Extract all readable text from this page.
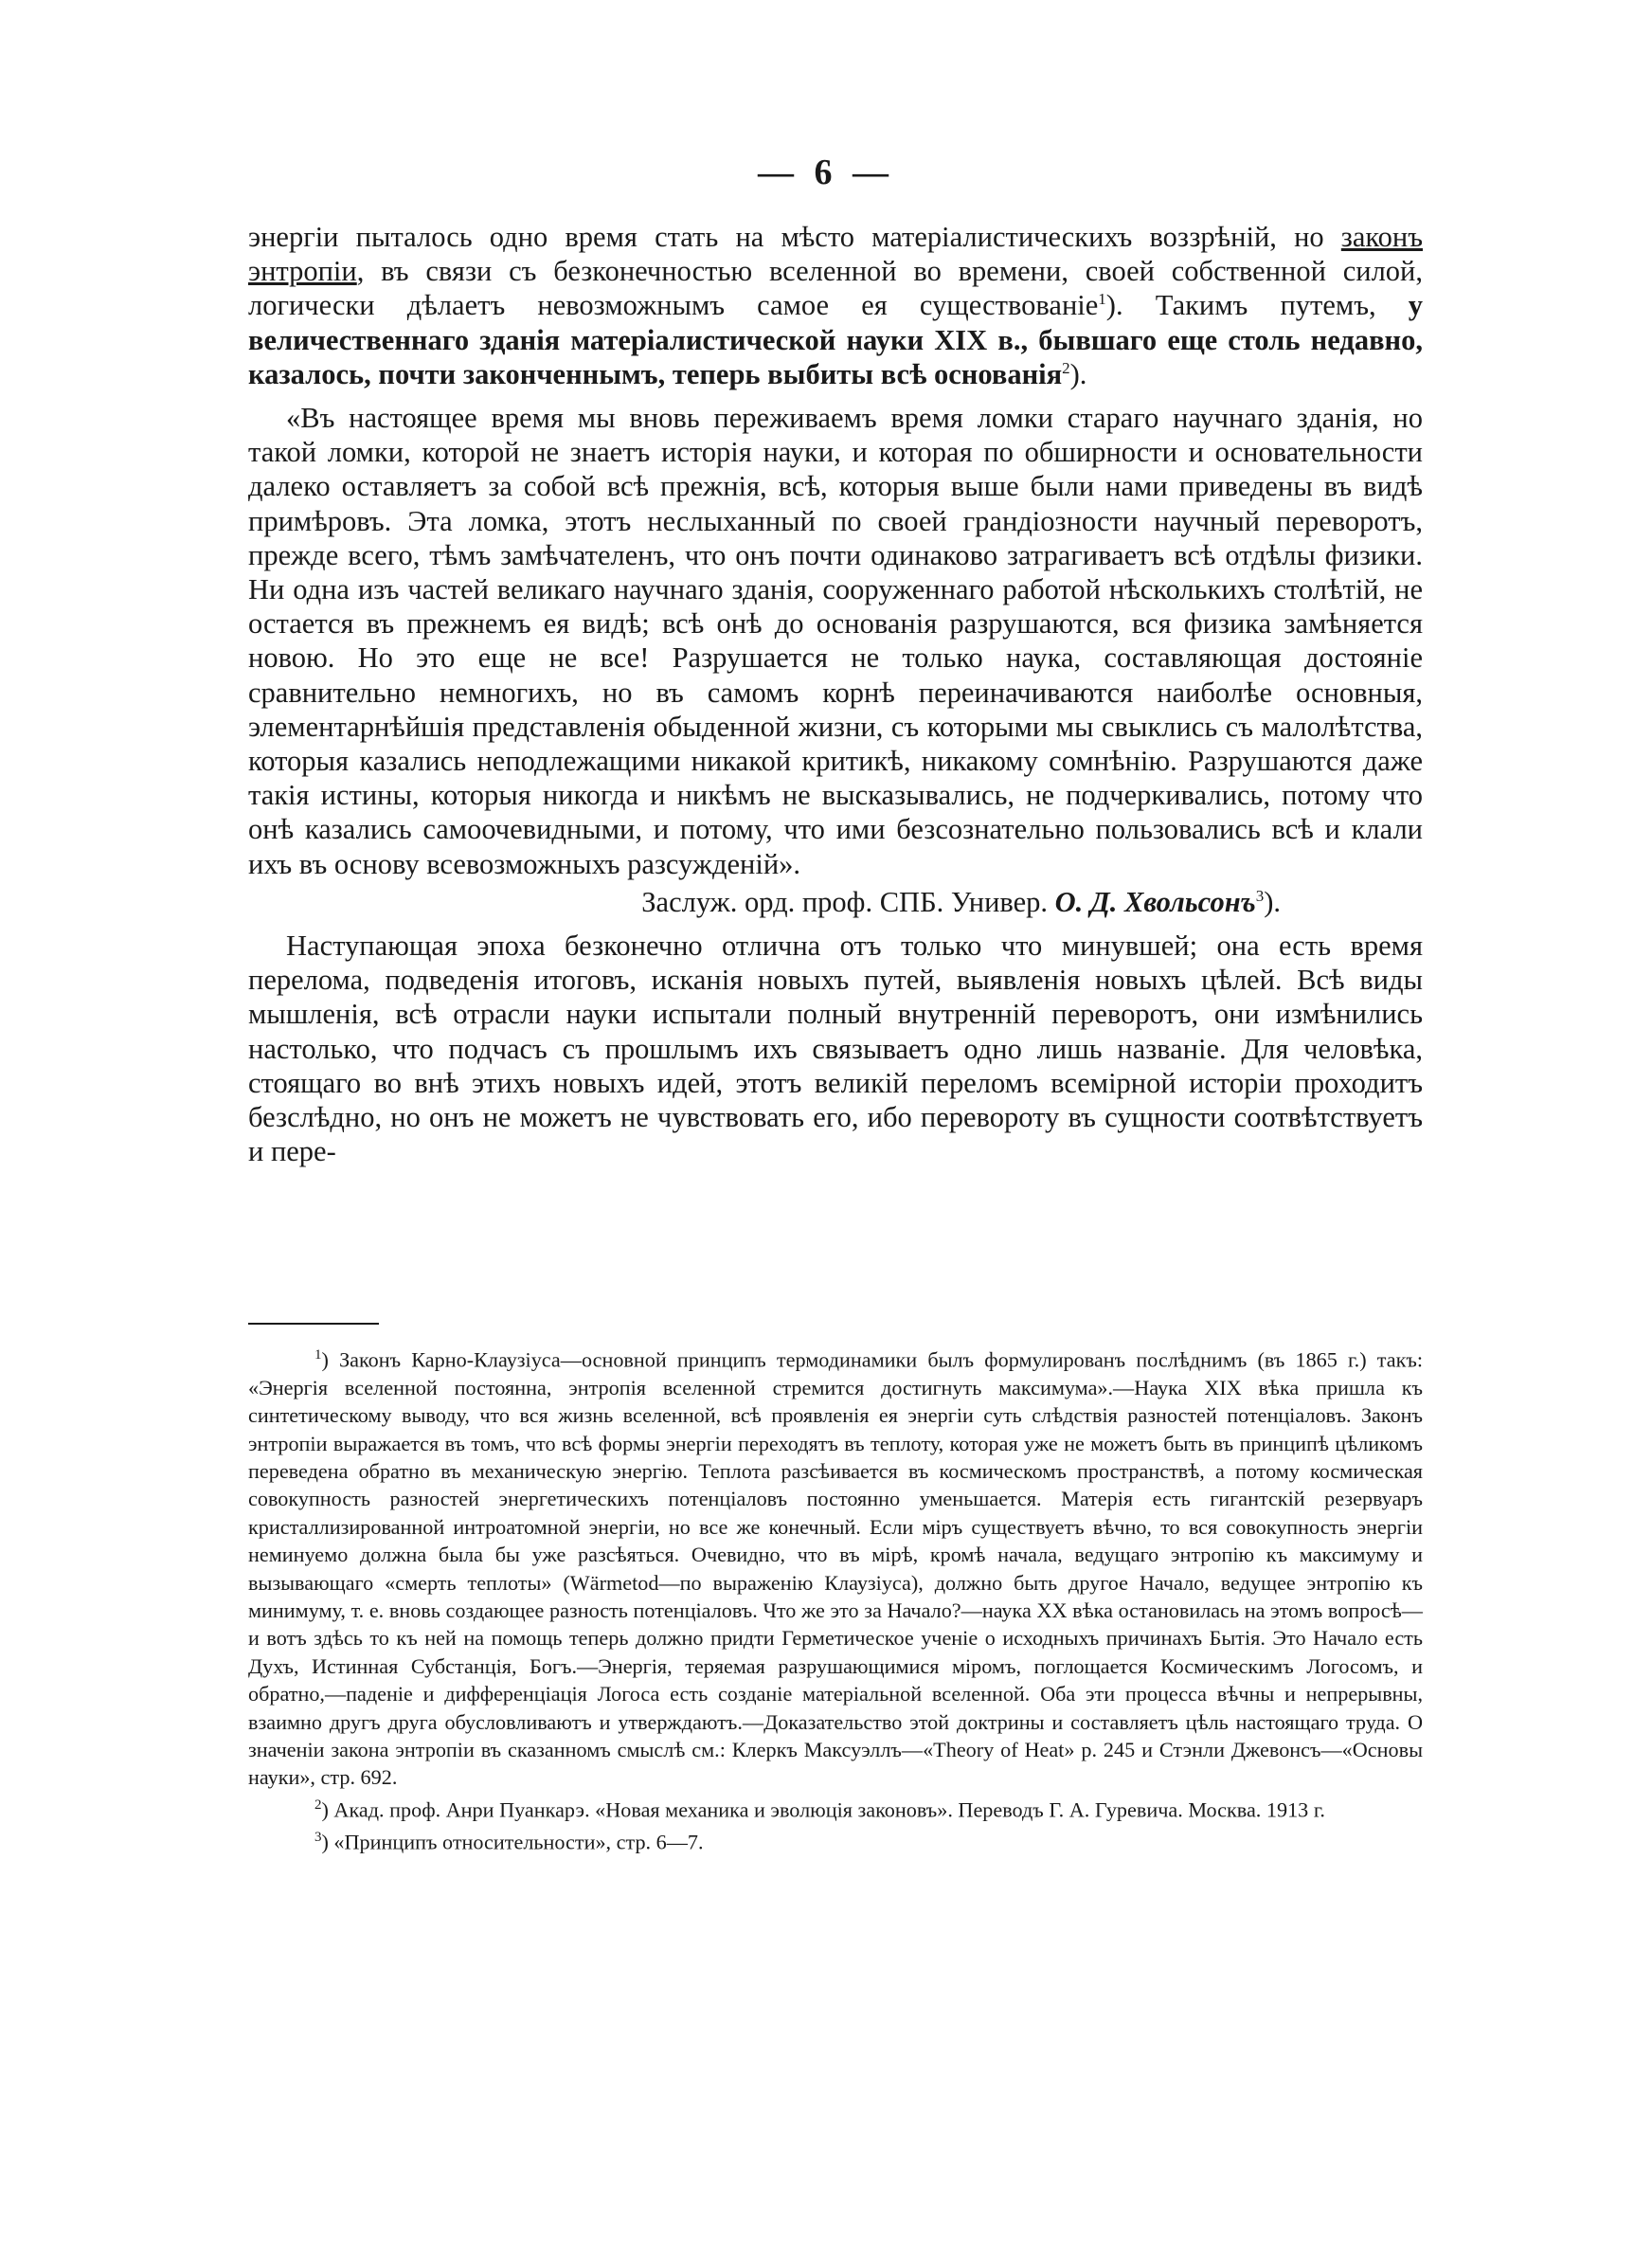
— 6 —

энергіи пыталось одно время стать на мѣсто матеріалистическихъ воззрѣній, но законъ энтропіи, въ связи съ безконечностью вселенной во времени, своей собственной силой, логически дѣлаетъ невозможнымъ самое ея существованіе$^1$). Такимъ путемъ, у величественнаго зданія матеріалистической науки XIX в., бывшаго еще столь недавно, казалось, почти законченнымъ, теперь выбиты всѣ основанія$^2$).

«Въ настоящее время мы вновь переживаемъ время ломки стараго научнаго зданія, но такой ломки, которой не знаетъ исторія науки, и которая по обширности и основательности далеко оставляетъ за собой всѣ прежнія, всѣ, которыя выше были нами приведены въ видѣ примѣровъ. Эта ломка, этотъ неслыханный по своей грандіозности научный переворотъ, прежде всего, тѣмъ замѣчателенъ, что онъ почти одинаково затрагиваетъ всѣ отдѣлы физики. Ни одна изъ частей великаго научнаго зданія, сооруженнаго работой нѣсколькихъ столѣтій, не остается въ прежнемъ ея видѣ; всѣ онѣ до основанія разрушаются, вся физика замѣняется новою. Но это еще не все! Разрушается не только наука, составляющая достояніе сравнительно немногихъ, но въ самомъ корнѣ переиначиваются наиболѣе основныя, элементарнѣйшія представленія обыденной жизни, съ которыми мы свыклись съ малолѣтства, которыя казались неподлежащими никакой критикѣ, никакому сомнѣнію. Разрушаются даже такія истины, которыя никогда и никѣмъ не высказывались, не подчеркивались, потому что онѣ казались самоочевидными, и потому, что ими безсознательно пользовались всѣ и клали ихъ въ основу всевозможныхъ разсужденій».

Заслуж. орд. проф. СПБ. Универ. О. Д. Хвольсонъ$^3$).

Наступающая эпоха безконечно отлична отъ только что минувшей; она есть время перелома, подведенія итоговъ, исканія новыхъ путей, выявленія новыхъ цѣлей. Всѣ виды мышленія, всѣ отрасли науки испытали полный внутренній переворотъ, они измѣнились настолько, что подчасъ съ прошлымъ ихъ связываетъ одно лишь названіе. Для человѣка, стоящаго во внѣ этихъ новыхъ идей, этотъ великій переломъ всемірной исторіи проходитъ безслѣдно, но онъ не можетъ не чувствовать его, ибо перевороту въ сущности соотвѣтствуетъ и пере-

$^1$) Законъ Карно-Клаузіуса—основной принципъ термодинамики былъ формулированъ послѣднимъ (въ 1865 г.) такъ: «Энергія вселенной постоянна, энтропія вселенной стремится достигнуть максимума».—Наука XIX вѣка пришла къ синтетическому выводу, что вся жизнь вселенной, всѣ проявленія ея энергіи суть слѣдствія разностей потенціаловъ. Законъ энтропіи выражается въ томъ, что всѣ формы энергіи переходятъ въ теплоту, которая уже не можетъ быть въ принципѣ цѣликомъ переведена обратно въ механическую энергію. Теплота разсѣивается въ космическомъ пространствѣ, а потому космическая совокупность разностей энергетическихъ потенціаловъ постоянно уменьшается. Матерія есть гигантскій резервуаръ кристаллизированной интроатомной энергіи, но все же конечный. Если міръ существуетъ вѣчно, то вся совокупность энергіи неминуемо должна была бы уже разсѣяться. Очевидно, что въ мірѣ, кромѣ начала, ведущаго энтропію къ максимуму и вызывающаго «смерть теплоты» (Wärmetod—по выраженію Клаузіуса), должно быть другое Начало, ведущее энтропію къ минимуму, т. е. вновь создающее разность потенціаловъ. Что же это за Начало?—наука XX вѣка остановилась на этомъ вопросѣ—и вотъ здѣсь то къ ней на помощь теперь должно придти Герметическое ученіе о исходныхъ причинахъ Бытія. Это Начало есть Духъ, Истинная Субстанція, Богъ.—Энергія, теряемая разрушающимися міромъ, поглощается Космическимъ Логосомъ, и обратно,—паденіе и дифференціація Логоса есть созданіе матеріальной вселенной. Оба эти процесса вѣчны и непрерывны, взаимно другъ друга обусловливаютъ и утверждаютъ.—Доказательство этой доктрины и составляетъ цѣль настоящаго труда. О значеніи закона энтропіи въ сказанномъ смыслѣ см.: Клеркъ Максуэллъ—«Theory of Heat» p. 245 и Стэнли Джевонсъ—«Основы науки», стр. 692.

$^2$) Акад. проф. Анри Пуанкарэ. «Новая механика и эволюція законовъ». Переводъ Г. А. Гуревича. Москва. 1913 г.

$^3$) «Принципъ относительности», стр. 6—7.
